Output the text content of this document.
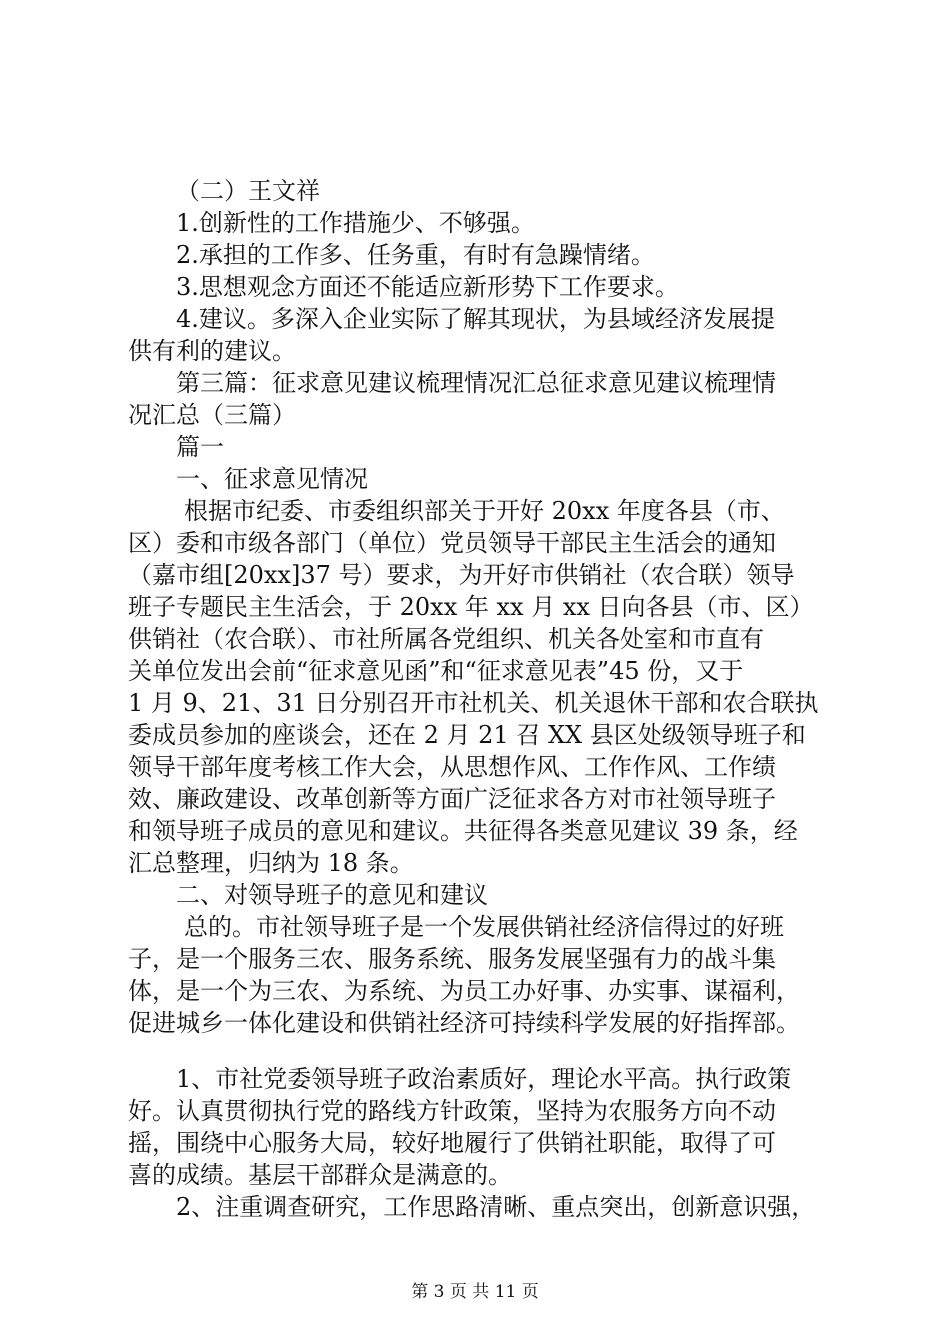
（二）王文祥
1.创新性的工作措施少、不够强。
2.承担的工作多、任务重，有时有急躁情绪。
3.思想观念方面还不能适应新形势下工作要求。
4.建议。多深入企业实际了解其现状，为县域经济发展提
供有利的建议。
第三篇：征求意见建议梳理情况汇总征求意见建议梳理情
况汇总（三篇）
篇一
一、征求意见情况
根据市纪委、市委组织部关于开好 20xx 年度各县（市、
区）委和市级各部门（单位）党员领导干部民主生活会的通知
（嘉市组[20xx]37 号）要求，为开好市供销社（农合联）领导
班子专题民主生活会，于 20xx 年 xx 月 xx 日向各县（市、区）
供销社（农合联）、市社所属各党组织、机关各处室和市直有
关单位发出会前“征求意见函”和“征求意见表”45 份，又于
1 月 9、21、31 日分别召开市社机关、机关退休干部和农合联执
委成员参加的座谈会，还在 2 月 21 召 XX 县区处级领导班子和
领导干部年度考核工作大会，从思想作风、工作作风、工作绩
效、廉政建设、改革创新等方面广泛征求各方对市社领导班子
和领导班子成员的意见和建议。共征得各类意见建议 39 条，经
汇总整理，归纳为 18 条。
二、对领导班子的意见和建议
总的。市社领导班子是一个发展供销社经济信得过的好班
子，是一个服务三农、服务系统、服务发展坚强有力的战斗集
体，是一个为三农、为系统、为员工办好事、办实事、谋福利，
促进城乡一体化建设和供销社经济可持续科学发展的好指挥部。
1、市社党委领导班子政治素质好，理论水平高。执行政策
好。认真贯彻执行党的路线方针政策，坚持为农服务方向不动
摇，围绕中心服务大局，较好地履行了供销社职能，取得了可
喜的成绩。基层干部群众是满意的。
2、注重调查研究，工作思路清晰、重点突出，创新意识强，
第 3 页 共 11 页
